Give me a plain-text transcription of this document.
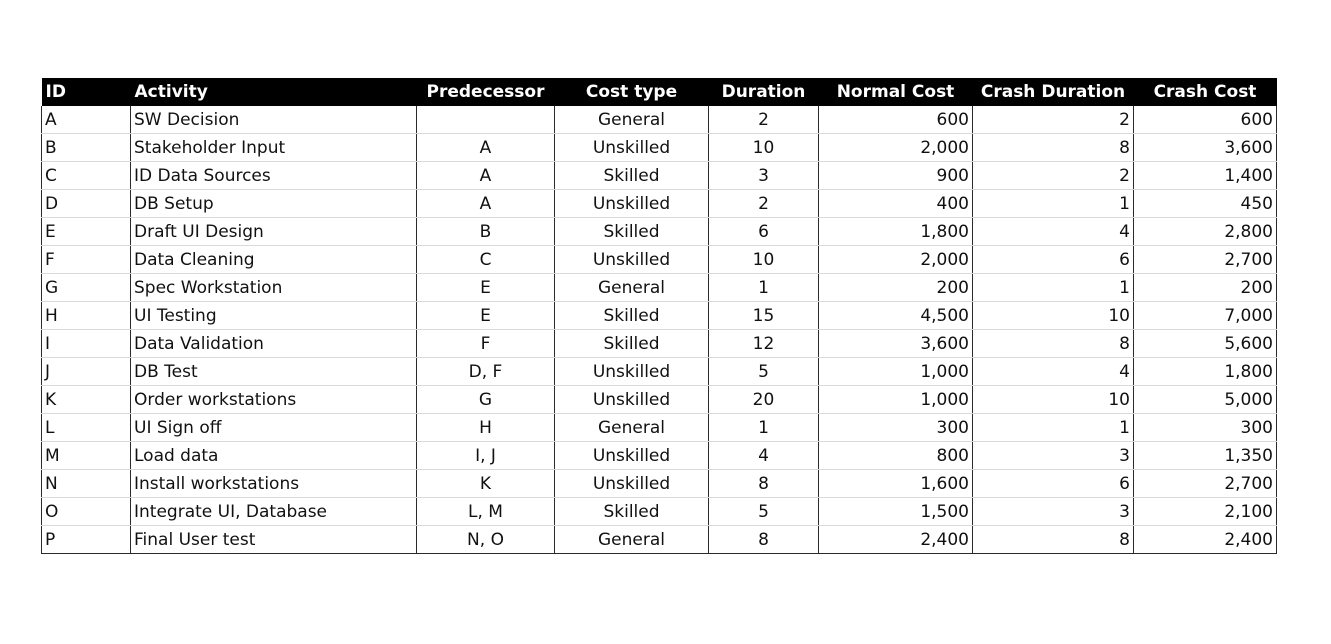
ID	Activity	Predecessor	Cost type	Duration	Normal Cost	Crash Duration	Crash Cost
A	SW Decision		General	2	600	2	600
B	Stakeholder Input	A	Unskilled	10	2,000	8	3,600
C	ID Data Sources	A	Skilled	3	900	2	1,400
D	DB Setup	A	Unskilled	2	400	1	450
E	Draft UI Design	B	Skilled	6	1,800	4	2,800
F	Data Cleaning	C	Unskilled	10	2,000	6	2,700
G	Spec Workstation	E	General	1	200	1	200
H	UI Testing	E	Skilled	15	4,500	10	7,000
I	Data Validation	F	Skilled	12	3,600	8	5,600
J	DB Test	D, F	Unskilled	5	1,000	4	1,800
K	Order workstations	G	Unskilled	20	1,000	10	5,000
L	UI Sign off	H	General	1	300	1	300
M	Load data	I, J	Unskilled	4	800	3	1,350
N	Install workstations	K	Unskilled	8	1,600	6	2,700
O	Integrate UI, Database	L, M	Skilled	5	1,500	3	2,100
P	Final User test	N, O	General	8	2,400	8	2,400
